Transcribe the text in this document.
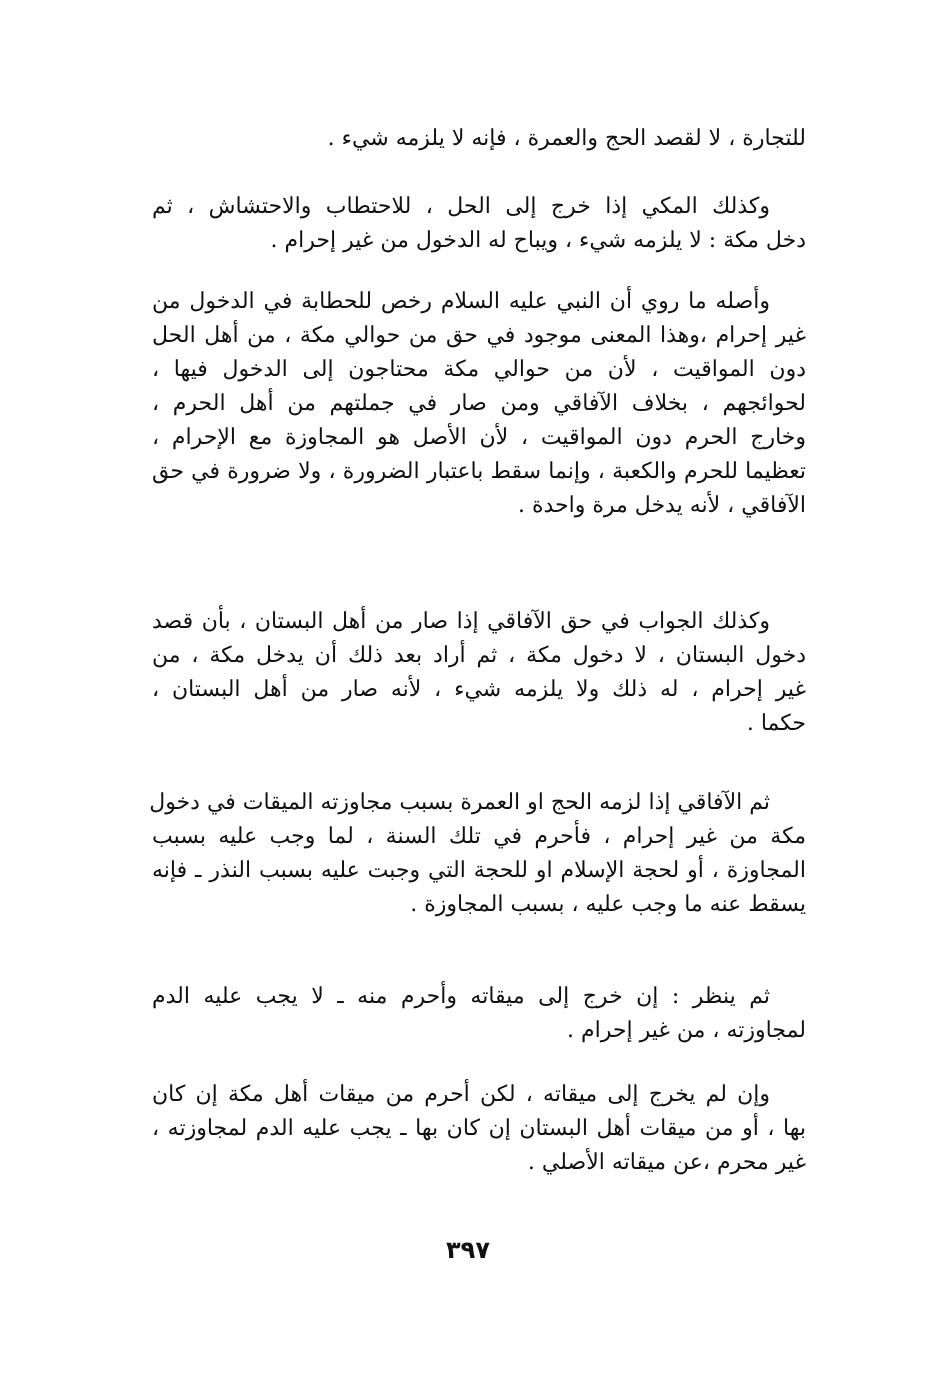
للتجارة ، لا لقصد الحج والعمرة ، فإنه لا يلزمه شيء .
وكذلك المكي إذا خرج إلى الحل ، للاحتطاب والاحتشاش ، ثم
دخل مكة : لا يلزمه شيء ، ويباح له الدخول من غير إحرام .
وأصله ما روي أن النبي عليه السلام رخص للحطابة في الدخول من
غير إحرام ،وهذا المعنى موجود في حق من حوالي مكة ، من أهل الحل
دون المواقيت ، لأن من حوالي مكة محتاجون إلى الدخول فيها ،
لحوائجهم ، بخلاف الآفاقي ومن صار في جملتهم من أهل الحرم ،
وخارج الحرم دون المواقيت ، لأن الأصل هو المجاوزة مع الإحرام ،
تعظيما للحرم والكعبة ، وإنما سقط باعتبار الضرورة ، ولا ضرورة في حق
الآفاقي ، لأنه يدخل مرة واحدة .
وكذلك الجواب في حق الآفاقي إذا صار من أهل البستان ، بأن قصد
دخول البستان ، لا دخول مكة ، ثم أراد بعد ذلك أن يدخل مكة ، من
غير إحرام ، له ذلك ولا يلزمه شيء ، لأنه صار من أهل البستان ،
حكما .
ثم الآفاقي إذا لزمه الحج او العمرة بسبب مجاوزته الميقات في دخول
مكة من غير إحرام ، فأحرم في تلك السنة ، لما وجب عليه بسبب
المجاوزة ، أو لحجة الإسلام او للحجة التي وجبت عليه بسبب النذر ـ فإنه
يسقط عنه ما وجب عليه ، بسبب المجاوزة .
ثم ينظر : إن خرج إلى ميقاته وأحرم منه ـ لا يجب عليه الدم
لمجاوزته ، من غير إحرام .
وإن لم يخرج إلى ميقاته ، لكن أحرم من ميقات أهل مكة إن كان
بها ، أو من ميقات أهل البستان إن كان بها ـ يجب عليه الدم لمجاوزته ،
غير محرم ،عن ميقاته الأصلي .
٣٩٧
